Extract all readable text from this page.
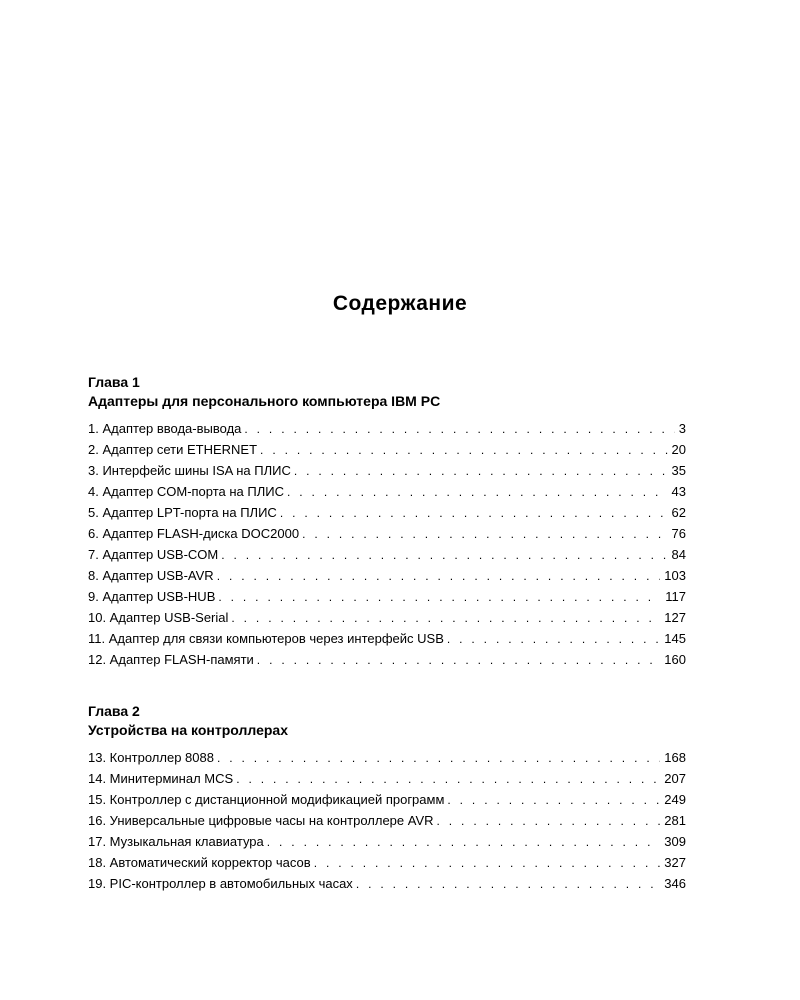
Содержание
Глава 1
Адаптеры для персонального компьютера IBM PC
1. Адаптер ввода-вывода . . .	3
2. Адаптер сети ETHERNET . . .	20
3. Интерфейс шины ISA на ПЛИС . . .	35
4. Адаптер COM-порта на ПЛИС . . .	43
5. Адаптер LPT-порта на ПЛИС . . .	62
6. Адаптер FLASH-диска DOC2000 . . .	76
7. Адаптер USB-COM . . .	84
8. Адаптер USB-AVR . . .	103
9. Адаптер USB-HUB . . .	117
10. Адаптер USB-Serial . . .	127
11. Адаптер для связи компьютеров через интерфейс USB . . .	145
12. Адаптер FLASH-памяти . . .	160
Глава 2
Устройства на контроллерах
13. Контроллер 8088 . . .	168
14. Минитерминал MCS . . .	207
15. Контроллер с дистанционной модификацией программ . . .	249
16. Универсальные цифровые часы на контроллере AVR . . .	281
17. Музыкальная клавиатура . . .	309
18. Автоматический корректор часов . . .	327
19. PIC-контроллер в автомобильных часах . . .	346
